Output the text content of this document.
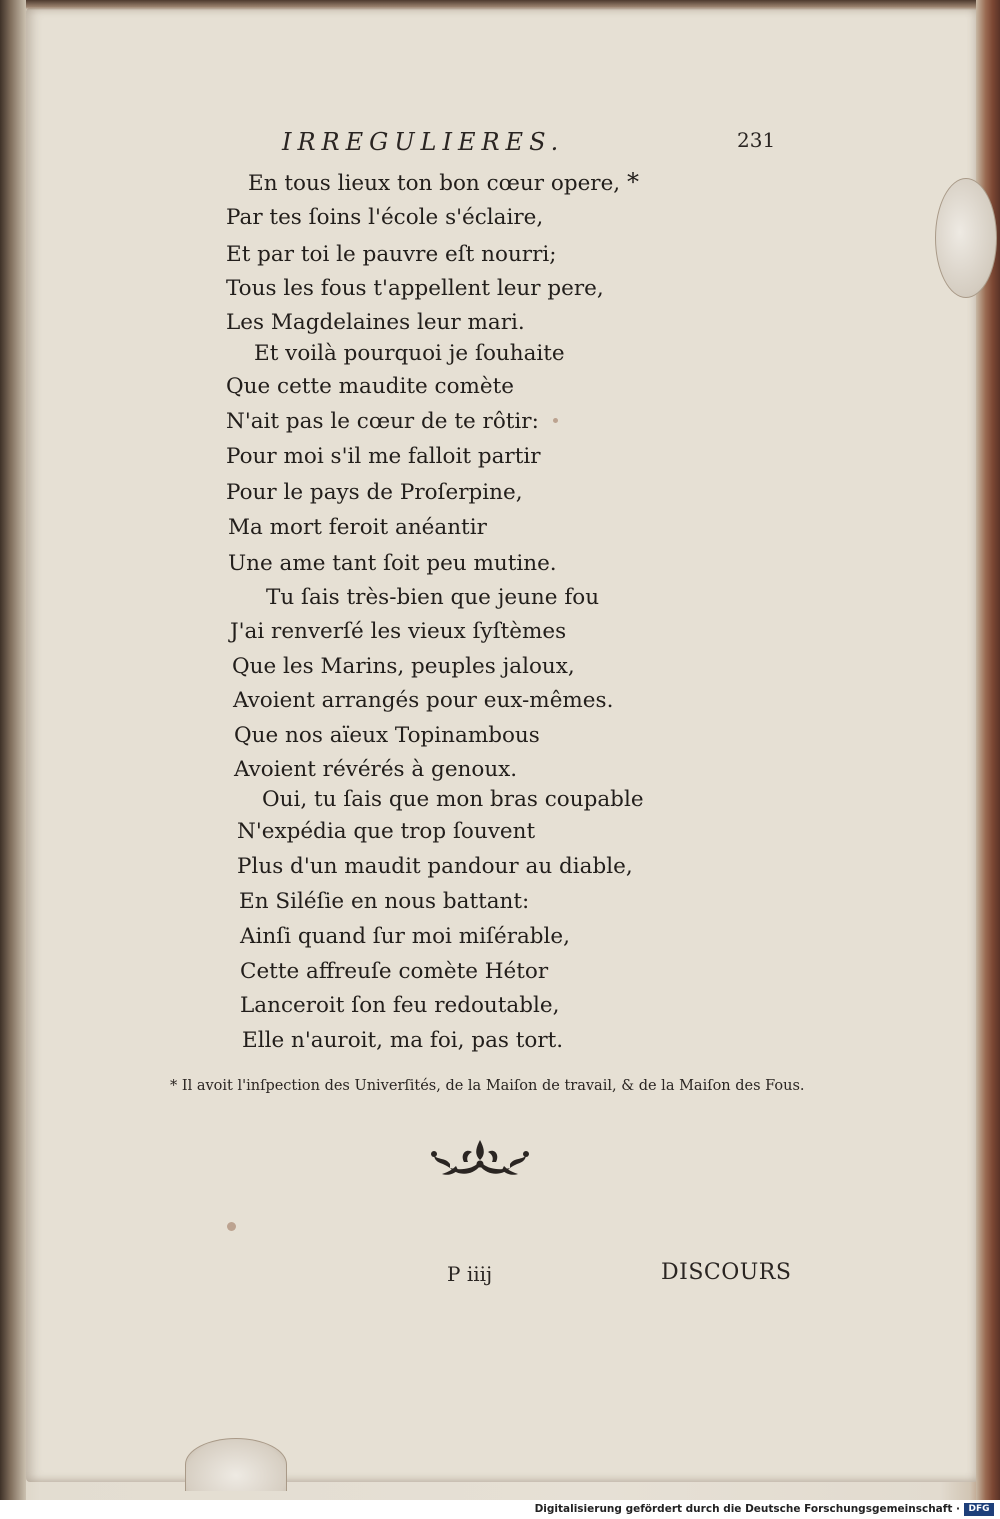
IRREGULIERES.	231
En tous lieux ton bon cœur opere, *
Par tes ſoins l'école s'éclaire,
Et par toi le pauvre eſt nourri;
Tous les fous t'appellent leur pere,
Les Magdelaines leur mari.
Et voilà pourquoi je ſouhaite
Que cette maudite comète
N'ait pas le cœur de te rôtir:
Pour moi s'il me falloit partir
Pour le pays de Proſerpine,
Ma mort feroit anéantir
Une ame tant ſoit peu mutine.
Tu ſais très-bien que jeune fou
J'ai renverſé les vieux ſyſtèmes
Que les Marins, peuples jaloux,
Avoient arrangés pour eux-mêmes.
Que nos aïeux Topinambous
Avoient révérés à genoux.
Oui, tu ſais que mon bras coupable
N'expédia que trop ſouvent
Plus d'un maudit pandour au diable,
En Siléſie en nous battant:
Ainſi quand ſur moi miſérable,
Cette affreuſe comète Hétor
Lanceroit ſon feu redoutable,
Elle n'auroit, ma foi, pas tort.
* Il avoit l'inſpection des Univerſités, de la Maiſon de travail, & de la Maiſon des Fous.
P iiij	DISCOURS
Digitalisierung gefördert durch die Deutsche Forschungsgemeinschaft · DFG
